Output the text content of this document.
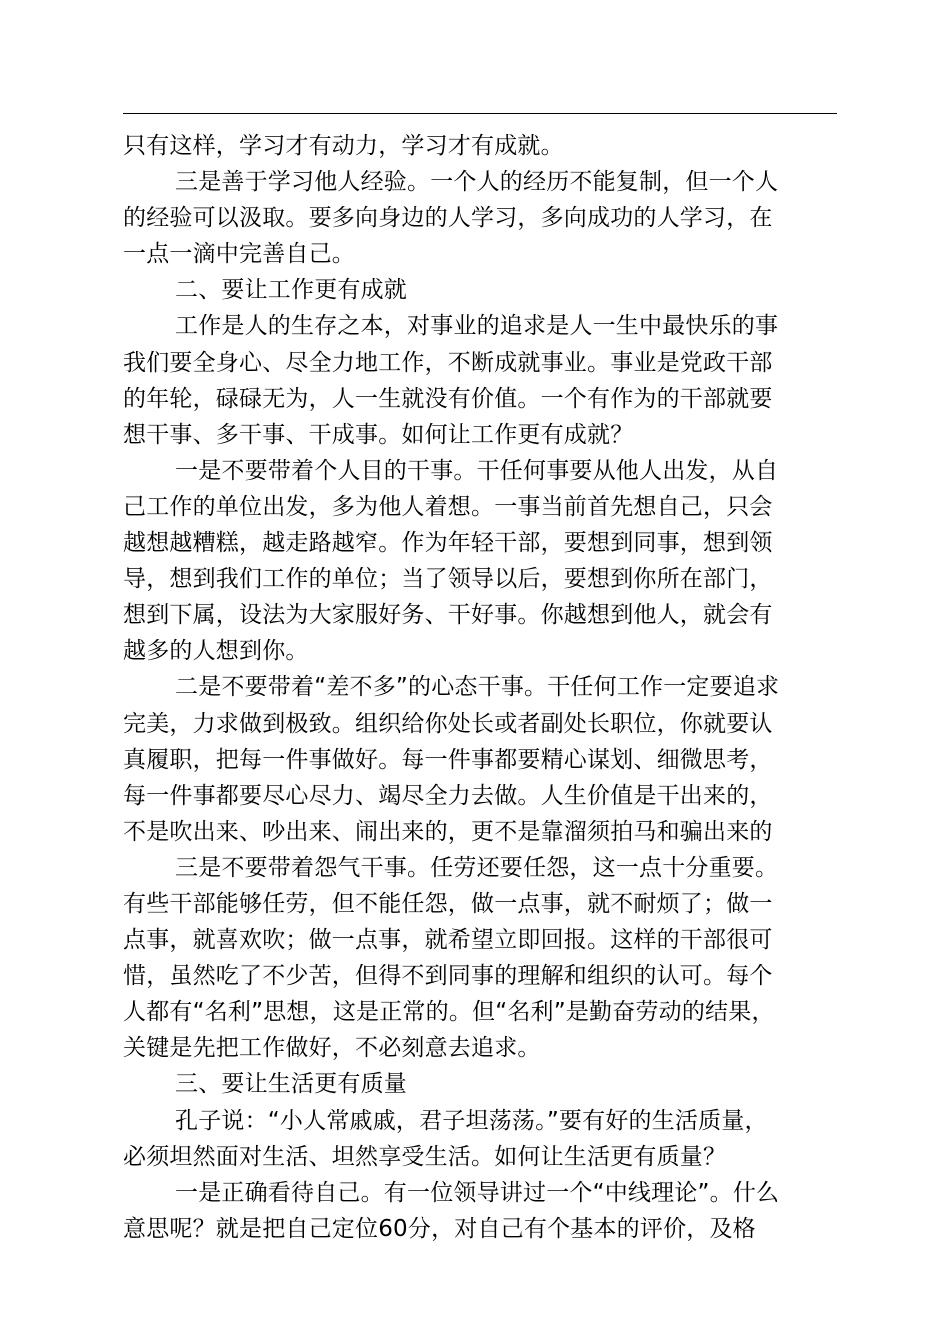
只有这样，学习才有动力，学习才有成就。
三是善于学习他人经验。一个人的经历不能复制，但一个人
的经验可以汲取。要多向身边的人学习，多向成功的人学习，在
一点一滴中完善自己。
二、要让工作更有成就
工作是人的生存之本，对事业的追求是人一生中最快乐的事
我们要全身心、尽全力地工作，不断成就事业。事业是党政干部
的年轮，碌碌无为，人一生就没有价值。一个有作为的干部就要
想干事、多干事、干成事。如何让工作更有成就？
一是不要带着个人目的干事。干任何事要从他人出发，从自
己工作的单位出发，多为他人着想。一事当前首先想自己，只会
越想越糟糕，越走路越窄。作为年轻干部，要想到同事，想到领
导，想到我们工作的单位；当了领导以后，要想到你所在部门，
想到下属，设法为大家服好务、干好事。你越想到他人，就会有
越多的人想到你。
二是不要带着“差不多”的心态干事。干任何工作一定要追求
完美，力求做到极致。组织给你处长或者副处长职位，你就要认
真履职，把每一件事做好。每一件事都要精心谋划、细微思考，
每一件事都要尽心尽力、竭尽全力去做。人生价值是干出来的，
不是吹出来、吵出来、闹出来的，更不是靠溜须拍马和骗出来的
三是不要带着怨气干事。任劳还要任怨，这一点十分重要。
有些干部能够任劳，但不能任怨，做一点事，就不耐烦了；做一
点事，就喜欢吹；做一点事，就希望立即回报。这样的干部很可
惜，虽然吃了不少苦，但得不到同事的理解和组织的认可。每个
人都有“名利”思想，这是正常的。但“名利”是勤奋劳动的结果，
关键是先把工作做好，不必刻意去追求。
三、要让生活更有质量
孔子说：“小人常戚戚，君子坦荡荡。”要有好的生活质量，
必须坦然面对生活、坦然享受生活。如何让生活更有质量？
一是正确看待自己。有一位领导讲过一个“中线理论”。什么
意思呢？就是把自己定位60分，对自己有个基本的评价，及格
